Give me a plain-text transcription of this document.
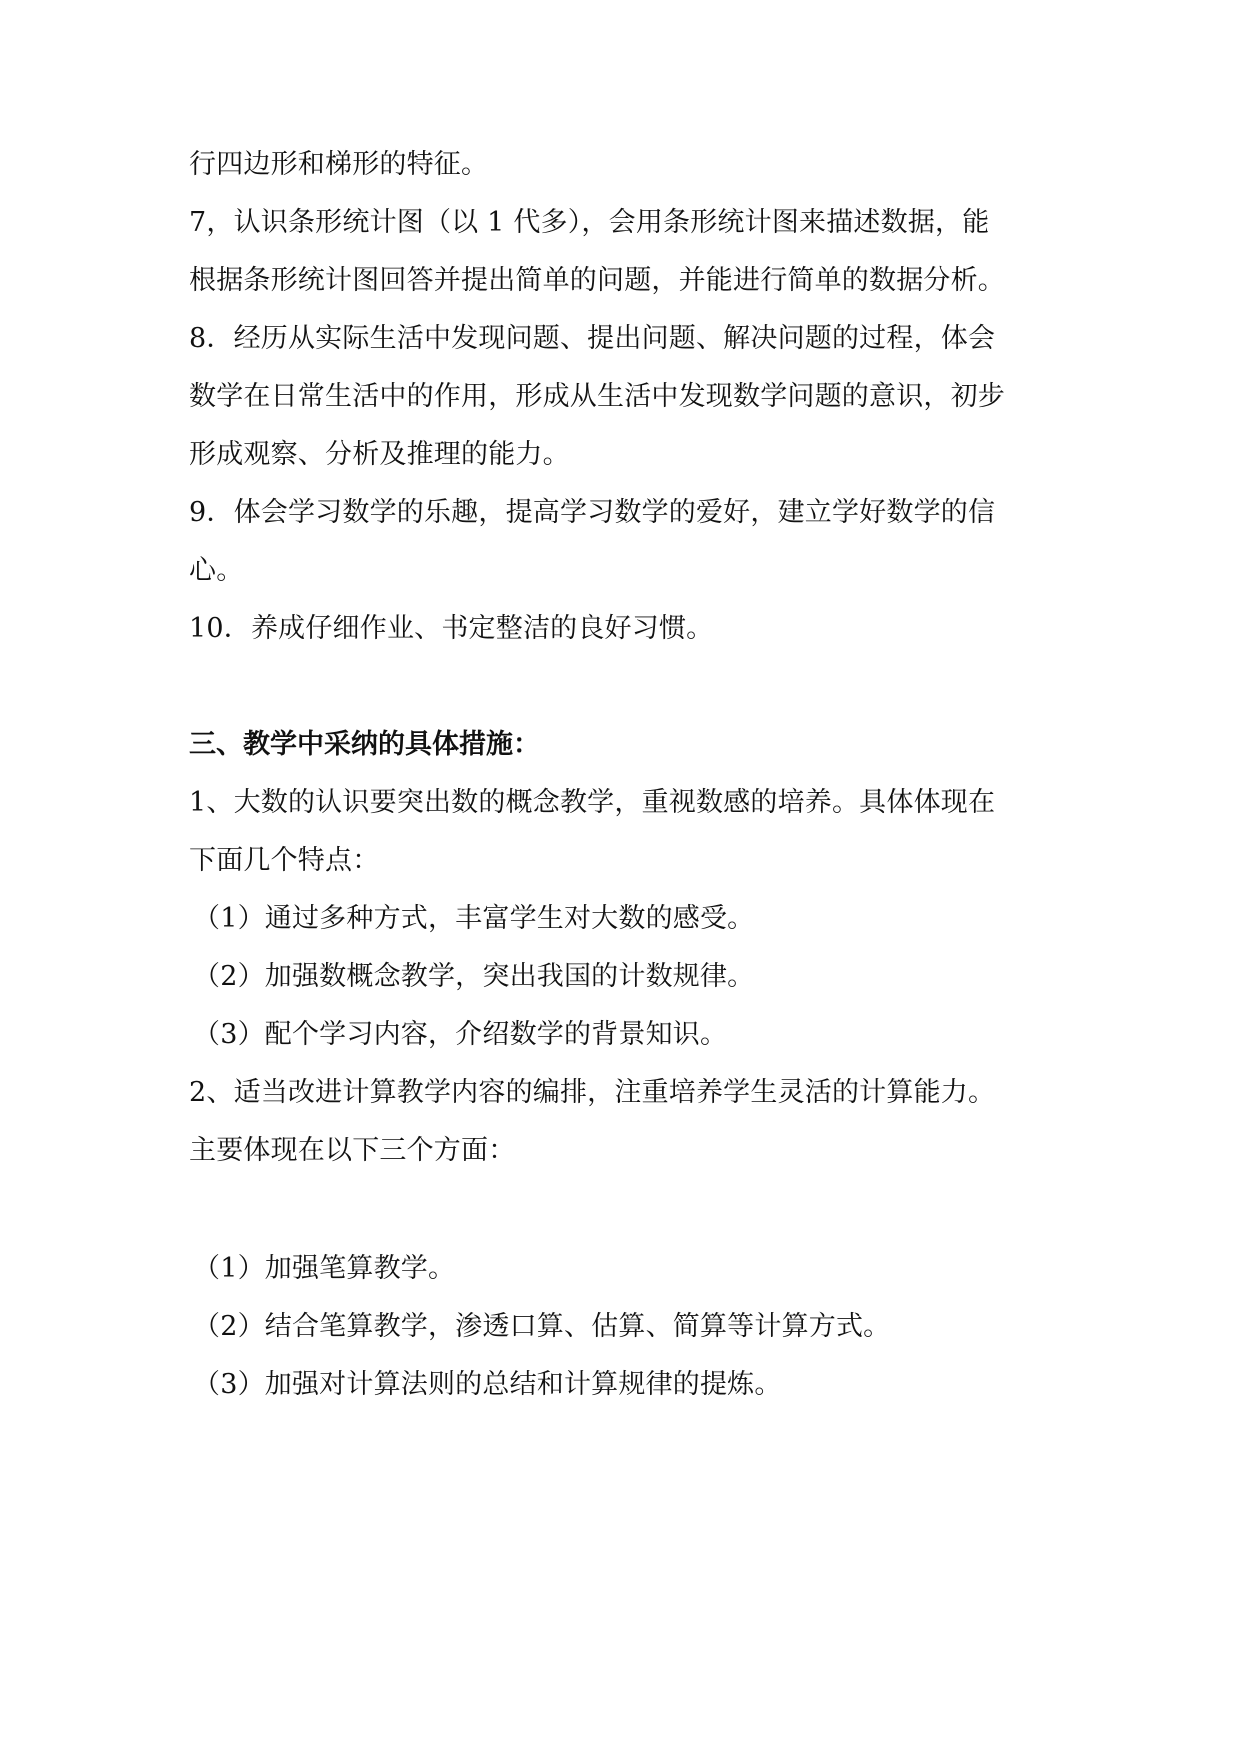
行四边形和梯形的特征。
7，认识条形统计图（以 1 代多），会用条形统计图来描述数据，能
根据条形统计图回答并提出简单的问题，并能进行简单的数据分析。
8．经历从实际生活中发现问题、提出问题、解决问题的过程，体会
数学在日常生活中的作用，形成从生活中发现数学问题的意识，初步
形成观察、分析及推理的能力。
9．体会学习数学的乐趣，提高学习数学的爱好，建立学好数学的信
心。
10．养成仔细作业、书定整洁的良好习惯。
三、教学中采纳的具体措施：
1、大数的认识要突出数的概念教学，重视数感的培养。具体体现在
下面几个特点：
（1）通过多种方式，丰富学生对大数的感受。
（2）加强数概念教学，突出我国的计数规律。
（3）配个学习内容，介绍数学的背景知识。
2、适当改进计算教学内容的编排，注重培养学生灵活的计算能力。
主要体现在以下三个方面：
（1）加强笔算教学。
（2）结合笔算教学，渗透口算、估算、简算等计算方式。
（3）加强对计算法则的总结和计算规律的提炼。
